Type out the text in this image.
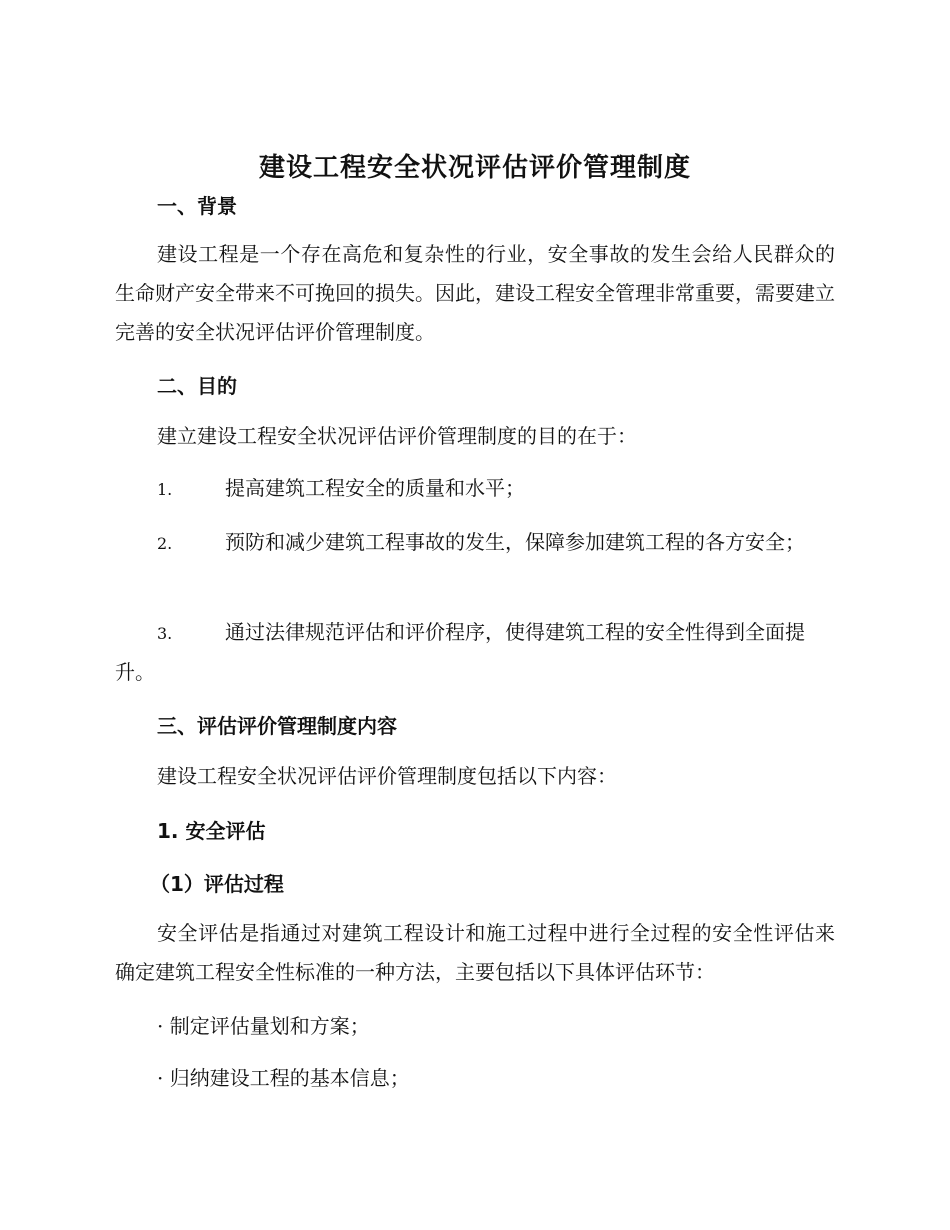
建设工程安全状况评估评价管理制度
一、背景
建设工程是一个存在高危和复杂性的行业，安全事故的发生会给人民群众的生命财产安全带来不可挽回的损失。因此，建设工程安全管理非常重要，需要建立完善的安全状况评估评价管理制度。
二、目的
建立建设工程安全状况评估评价管理制度的目的在于：
1.	提高建筑工程安全的质量和水平；
2.	预防和减少建筑工程事故的发生，保障参加建筑工程的各方安全；
3.	通过法律规范评估和评价程序，使得建筑工程的安全性得到全面提升。
三、评估评价管理制度内容
建设工程安全状况评估评价管理制度包括以下内容：
1. 安全评估
（1）评估过程
安全评估是指通过对建筑工程设计和施工过程中进行全过程的安全性评估来确定建筑工程安全性标准的一种方法，主要包括以下具体评估环节：
· 制定评估量划和方案；
· 归纳建设工程的基本信息；
